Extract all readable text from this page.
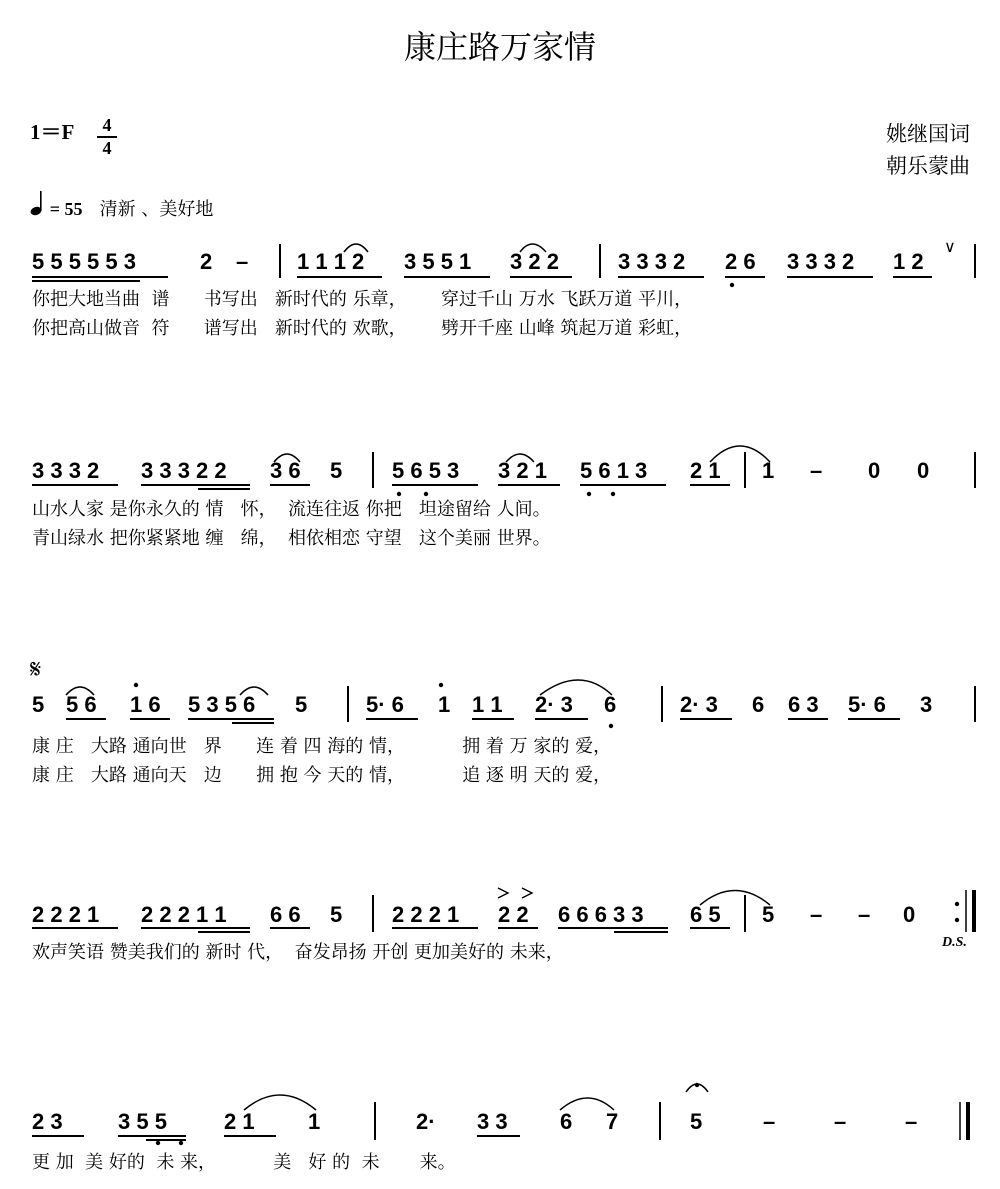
康庄路万家情
1＝F	4
4
姚继国词
朝乐蒙曲
= 55 清新 、美好地
𝄋
D.S.
∨
5 5 5 5 5 3	2 – 1 1 1 2 3 5 5 1 3 2 2	3 3 3 2 2 6 3 3 3 2 1 2
你把大地当曲  谱      书写出   新时代的 乐章，      穿过千山 万水 飞跃万道 平川，
你把高山做音  符      谱写出   新时代的 欢歌，      劈开千座 山峰 筑起万道 彩虹，
3 3 3 2 3 3 3 2 2 3 6 5 5 6 5 3 3 2 1 5 6 1 3 2 1 1 – 0 0
山水人家 是你永久的 情   怀，  流连往返 你把   坦途留给 人间。
青山绿水 把你紧紧地 缠   绵，  相依相恋 守望   这个美丽 世界。
5 5 6 1 6 5 3 5 6 5	5· 6 1 1 1 2· 3 6	2· 3 6 6 3 5· 6 3
康 庄   大路 通向世   界      连 着 四 海的 情，          拥 着 万 家的 爱，
康 庄   大路 通向天   边      拥 抱 今 天的 情，          追 逐 明 天的 爱，
2 2 2 1 2 2 2 1 1 6 6 5 2 2 2 1 2 2 6 6 6 3 3 6 5 5 – – 0
欢声笑语 赞美我们的 新时 代，  奋发昂扬 开创 更加美好的 未来，
2 3	3 5 5	2 1 1	2· 3 3 6 7	5	–	–	–
更 加  美 好的  未 来，          美   好 的  未       来。
